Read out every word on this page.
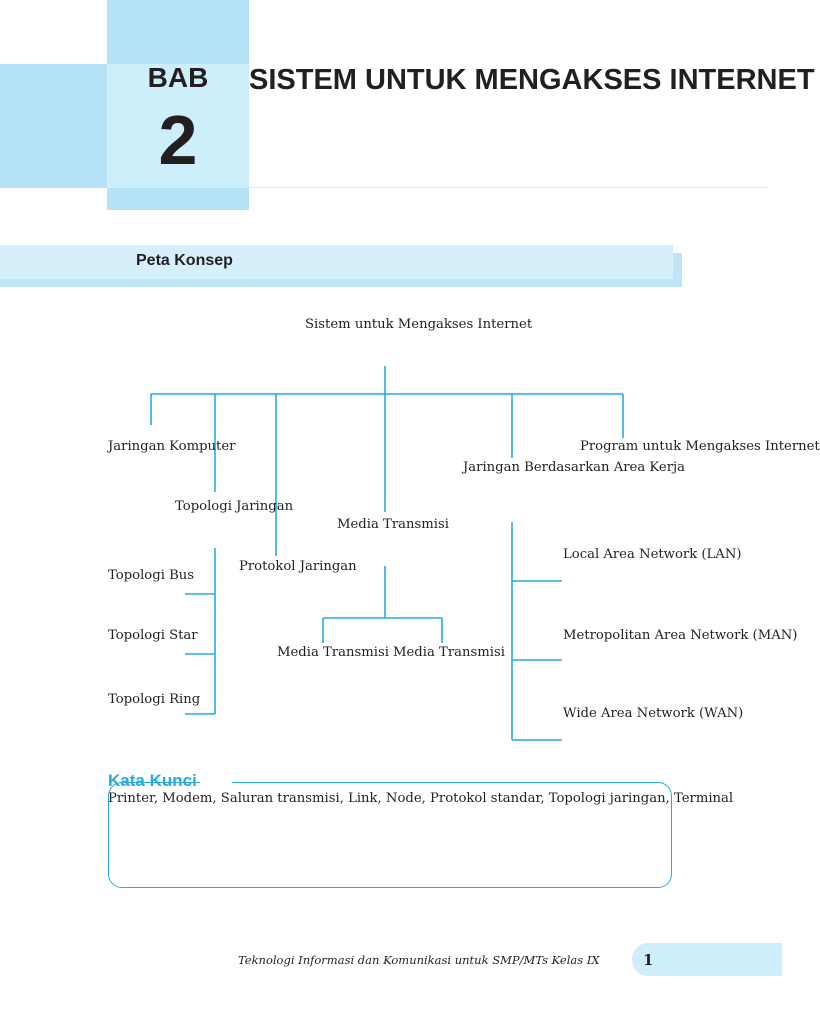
BAB
2
SISTEM UNTUK MENGAKSES INTERNET
Peta Konsep
Sistem untuk Mengakses Internet
Jaringan Komputer	Program untuk Mengakses Internet
Jaringan Berdasarkan Area Kerja
Topologi Jaringan
Media Transmisi
Protokol Jaringan
Media Transmisi Media Transmisi
Topologi Bus
Topologi Star
Topologi Ring
Local Area Network (LAN)
Metropolitan Area Network (MAN)
Wide Area Network (WAN)
Kata Kunci
Printer, Modem, Saluran transmisi, Link, Node, Protokol standar, Topologi jaringan, Terminal
Teknologi Informasi dan Komunikasi untuk SMP/MTs Kelas IX	1
